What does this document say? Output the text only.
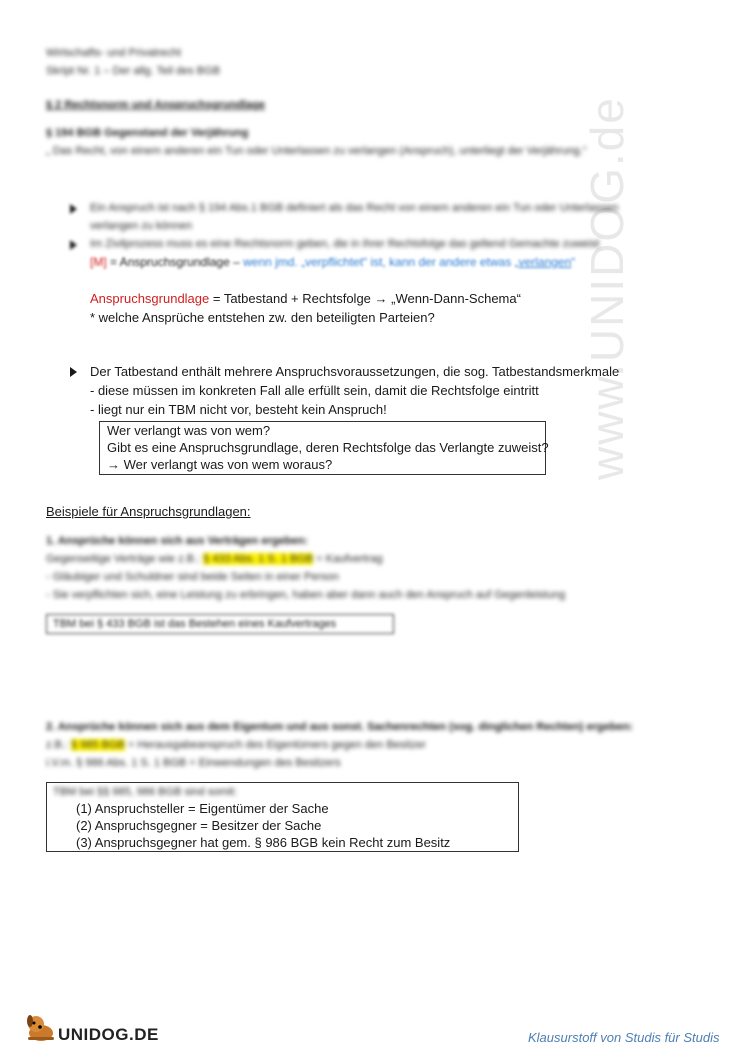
www.UNIDOG.de
Wirtschafts- und Privatrecht
Skript Nr. 1 – Der allg. Teil des BGB
§ 2 Rechtsnorm und Anspruchsgrundlage
§ 194 BGB Gegenstand der Verjährung
„ Das Recht, von einem anderen ein Tun oder Unterlassen zu verlangen (Anspruch), unterliegt der Verjährung.“
Ein Anspruch ist nach § 194 Abs.1 BGB definiert als das Recht von einem anderen ein Tun oder Unterlassen
verlangen zu können
Im Zivilprozess muss es eine Rechtsnorm geben, die in ihrer Rechtsfolge das geltend Gemachte zuweist
[M] = Anspruchsgrundlage – wenn jmd. „verpflichtet“ ist, kann der andere etwas „verlangen“
Anspruchsgrundlage = Tatbestand + Rechtsfolge → „Wenn-Dann-Schema“
* welche Ansprüche entstehen zw. den beteiligten Parteien?
Der Tatbestand enthält mehrere Anspruchsvoraussetzungen, die sog. Tatbestandsmerkmale
- diese müssen im konkreten Fall alle erfüllt sein, damit die Rechtsfolge eintritt
- liegt nur ein TBM nicht vor, besteht kein Anspruch!
Wer verlangt was von wem?
Gibt es eine Anspruchsgrundlage, deren Rechtsfolge das Verlangte zuweist?
→ Wer verlangt was von wem woraus?
Beispiele für Anspruchsgrundlagen:
1. Ansprüche können sich aus Verträgen ergeben:
Gegenseitige Verträge wie z.B.: § 433 Abs. 1 S. 1 BGB = Kaufvertrag
- Gläubiger und Schuldner sind beide Seiten in einer Person
- Sie verpflichten sich, eine Leistung zu erbringen, haben aber dann auch den Anspruch auf Gegenleistung
TBM bei § 433 BGB ist das Bestehen eines Kaufvertrages
2. Ansprüche können sich aus dem Eigentum und aus sonst. Sachenrechten (sog. dinglichen Rechten) ergeben:
z.B.: § 985 BGB = Herausgabeanspruch des Eigentümers gegen den Besitzer
i.V.m. § 986 Abs. 1 S. 1 BGB = Einwendungen des Besitzers
TBM bei §§ 985, 986 BGB sind somit:
(1) Anspruchsteller = Eigentümer der Sache
(2) Anspruchsgegner = Besitzer der Sache
(3) Anspruchsgegner hat gem. § 986 BGB kein Recht zum Besitz
UNIDOG.DE	Klausurstoff von Studis für Studis
